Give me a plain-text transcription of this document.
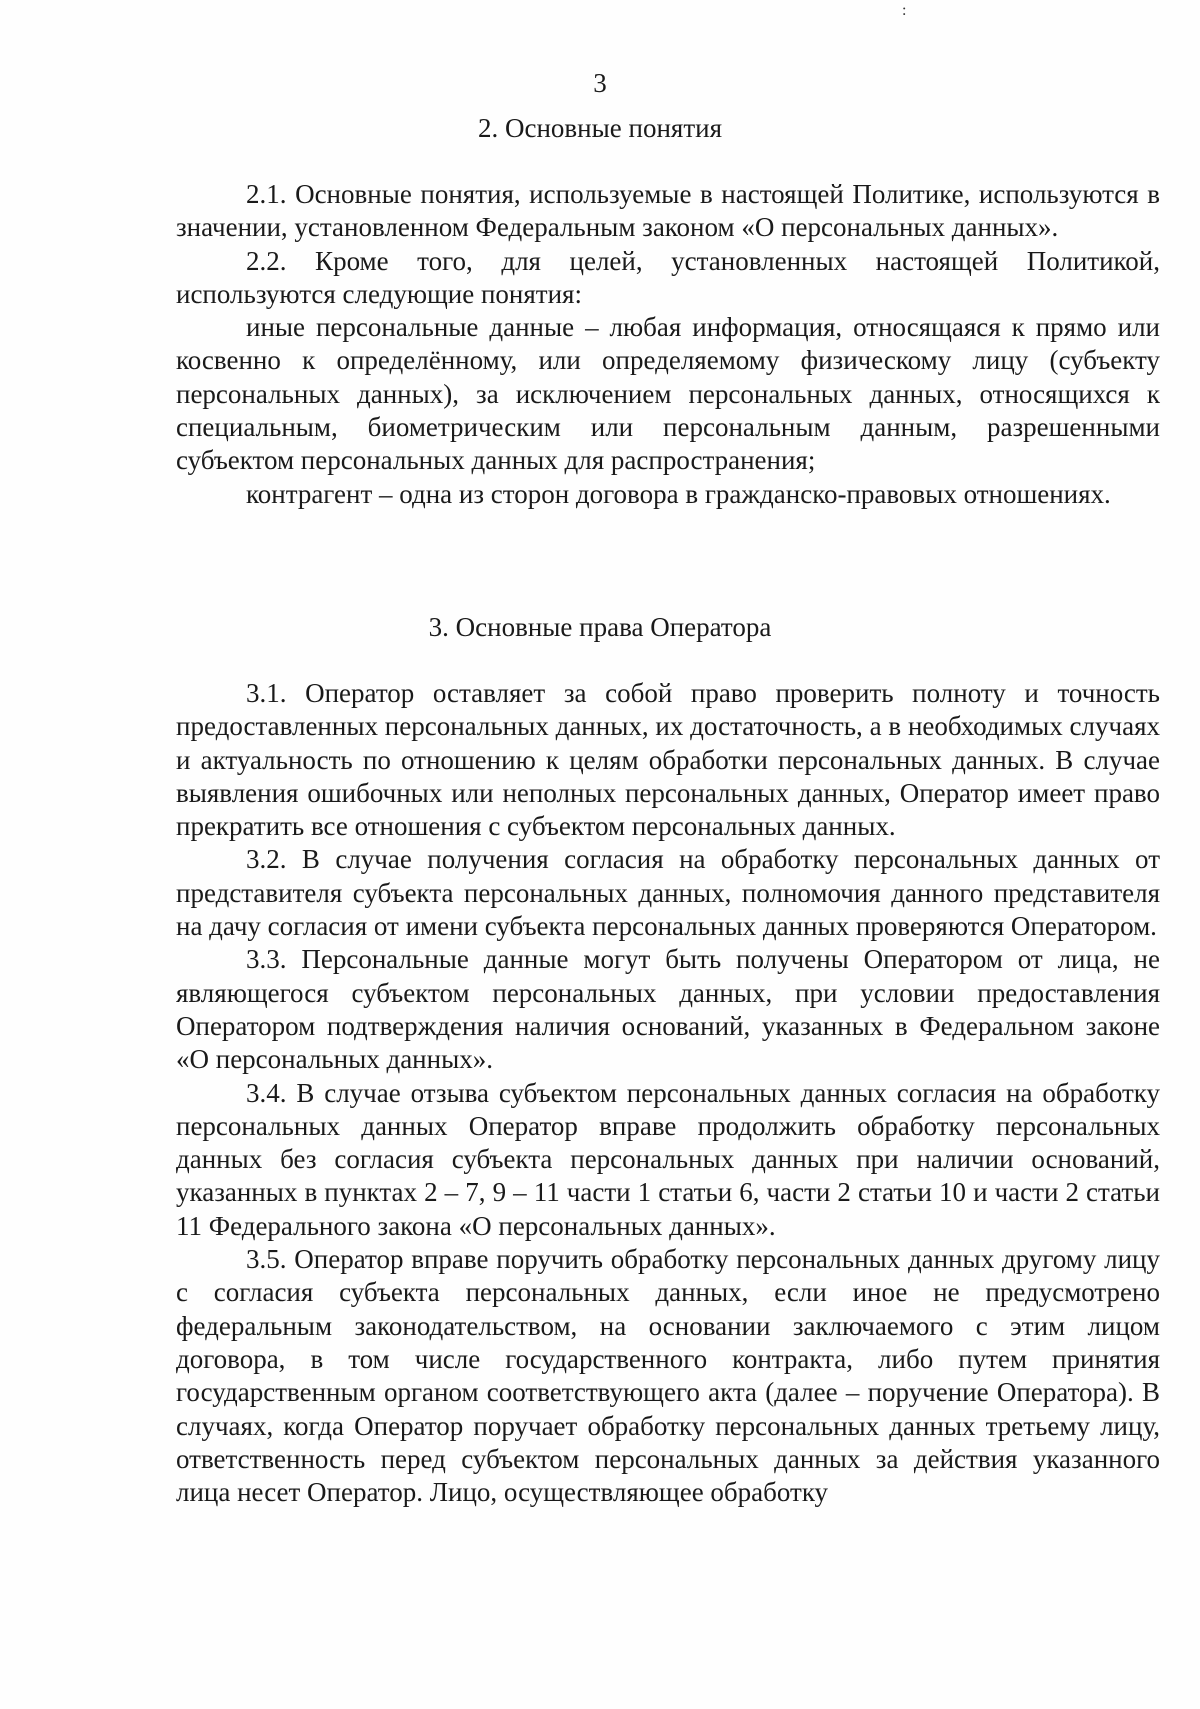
:
3
2. Основные понятия

2.1. Основные понятия, используемые в настоящей Политике, используются в значении, установленном Федеральным законом «О персональных данных».

2.2. Кроме того, для целей, установленных настоящей Политикой, используются следующие понятия:

иные персональные данные – любая информация, относящаяся к прямо или косвенно к определённому, или определяемому физическому лицу (субъекту персональных данных), за исключением персональных данных, относящихся к специальным, биометрическим или персональным данным, разрешенными субъектом персональных данных для распространения;

контрагент – одна из сторон договора в гражданско-правовых отношениях.

3. Основные права Оператора

3.1. Оператор оставляет за собой право проверить полноту и точность предоставленных персональных данных, их достаточность, а в необходимых случаях и актуальность по отношению к целям обработки персональных данных. В случае выявления ошибочных или неполных персональных данных, Оператор имеет право прекратить все отношения с субъектом персональных данных.

3.2. В случае получения согласия на обработку персональных данных от представителя субъекта персональных данных, полномочия данного представителя на дачу согласия от имени субъекта персональных данных проверяются Оператором.

3.3. Персональные данные могут быть получены Оператором от лица, не являющегося субъектом персональных данных, при условии предоставления Оператором подтверждения наличия оснований, указанных в Федеральном законе «О персональных данных».

3.4. В случае отзыва субъектом персональных данных согласия на обработку персональных данных Оператор вправе продолжить обработку персональных данных без согласия субъекта персональных данных при наличии оснований, указанных в пунктах 2 – 7, 9 – 11 части 1 статьи 6, части 2 статьи 10 и части 2 статьи 11 Федерального закона «О персональных данных».

3.5. Оператор вправе поручить обработку персональных данных другому лицу с согласия субъекта персональных данных, если иное не предусмотрено федеральным законодательством, на основании заключаемого с этим лицом договора, в том числе государственного контракта, либо путем принятия государственным органом соответствующего акта (далее – поручение Оператора). В случаях, когда Оператор поручает обработку персональных данных третьему лицу, ответственность перед субъектом персональных данных за действия указанного лица несет Оператор. Лицо, осуществляющее обработку
